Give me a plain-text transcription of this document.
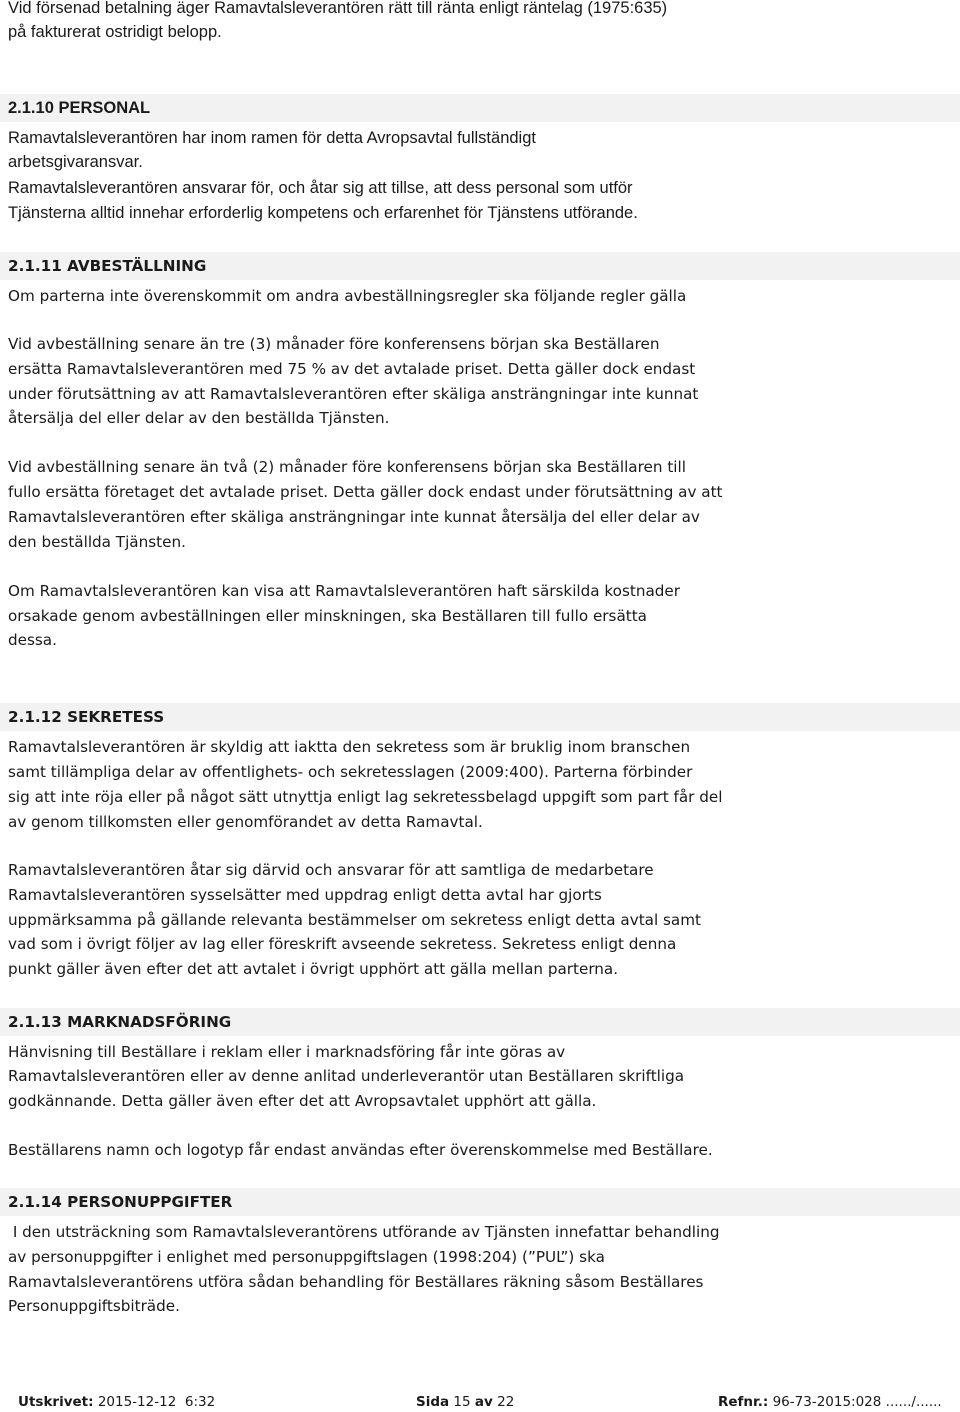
Vid försenad betalning äger Ramavtalsleverantören rätt till ränta enligt räntelag (1975:635)
på fakturerat ostridigt belopp.
2.1.10 PERSONAL
Ramavtalsleverantören har inom ramen för detta Avropsavtal fullständigt
arbetsgivaransvar.
Ramavtalsleverantören ansvarar för, och åtar sig att tillse, att dess personal som utför
Tjänsterna alltid innehar erforderlig kompetens och erfarenhet för Tjänstens utförande.
2.1.11 AVBESTÄLLNING
Om parterna inte överenskommit om andra avbeställningsregler ska följande regler gälla
Vid avbeställning senare än tre (3) månader före konferensens början ska Beställaren
ersätta Ramavtalsleverantören med 75 % av det avtalade priset. Detta gäller dock endast
under förutsättning av att Ramavtalsleverantören efter skäliga ansträngningar inte kunnat
återsälja del eller delar av den beställda Tjänsten.
Vid avbeställning senare än två (2) månader före konferensens början ska Beställaren till
fullo ersätta företaget det avtalade priset. Detta gäller dock endast under förutsättning av att
Ramavtalsleverantören efter skäliga ansträngningar inte kunnat återsälja del eller delar av
den beställda Tjänsten.
Om Ramavtalsleverantören kan visa att Ramavtalsleverantören haft särskilda kostnader
orsakade genom avbeställningen eller minskningen, ska Beställaren till fullo ersätta
dessa.
2.1.12 SEKRETESS
Ramavtalsleverantören är skyldig att iaktta den sekretess som är bruklig inom branschen
samt tillämpliga delar av offentlighets- och sekretesslagen (2009:400). Parterna förbinder
sig att inte röja eller på något sätt utnyttja enligt lag sekretessbelagd uppgift som part får del
av genom tillkomsten eller genomförandet av detta Ramavtal.
Ramavtalsleverantören åtar sig därvid och ansvarar för att samtliga de medarbetare
Ramavtalsleverantören sysselsätter med uppdrag enligt detta avtal har gjorts
uppmärksamma på gällande relevanta bestämmelser om sekretess enligt detta avtal samt
vad som i övrigt följer av lag eller föreskrift avseende sekretess. Sekretess enligt denna
punkt gäller även efter det att avtalet i övrigt upphört att gälla mellan parterna.
2.1.13 MARKNADSFÖRING
Hänvisning till Beställare i reklam eller i marknadsföring får inte göras av
Ramavtalsleverantören eller av denne anlitad underleverantör utan Beställaren skriftliga
godkännande. Detta gäller även efter det att Avropsavtalet upphört att gälla.
Beställarens namn och logotyp får endast användas efter överenskommelse med Beställare.
2.1.14 PERSONUPPGIFTER
I den utsträckning som Ramavtalsleverantörens utförande av Tjänsten innefattar behandling
av personuppgifter i enlighet med personuppgiftslagen (1998:204) (”PUL”) ska
Ramavtalsleverantörens utföra sådan behandling för Beställares räkning såsom Beställares
Personuppgiftsbiträde.
Utskrivet: 2015-12-12  6:32	Sida 15 av 22	Refnr.: 96-73-2015:028 ....../......
